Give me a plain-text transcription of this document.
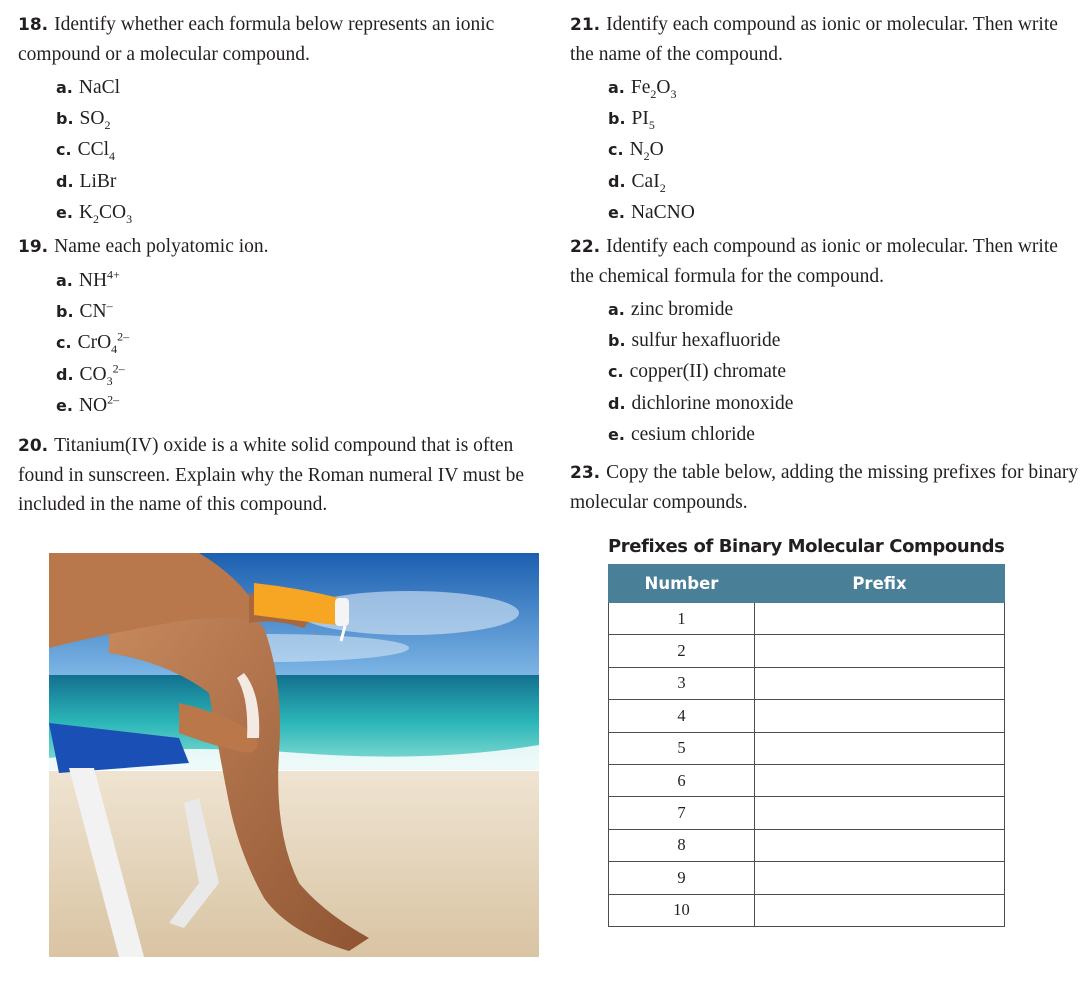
18. Identify whether each formula below represents an ionic compound or a molecular compound.

a. NaCl
b. $SO_2$
c. CCl$_4$
d. LiBr
e. $K_2CO_3$

19. Name each polyatomic ion.

a. $NH^{4+}$
b. CN–
c. CrO$_4^{2-}$
d. $CO_3^{2-}$
e. $NO^{2-}$

20. Titanium(IV) oxide is a white solid compound that is often found in sunscreen. Explain why the Roman numeral IV must be included in the name of this compound.

21. Identify each compound as ionic or molecular. Then write the name of the compound.

a. $Fe_2O_3$
b. $PI_5$
c. $N_2O$
d. CaI$_2$
e. NaCNO

22. Identify each compound as ionic or molecular. Then write the chemical formula for the compound.

a. zinc bromide
b. sulfur hexafluoride
c. copper(II) chromate
d. dichlorine monoxide
e. cesium chloride

23. Copy the table below, adding the missing prefixes for binary molecular compounds.

Prefixes of Binary Molecular Compounds

Number	Prefix
1	
2	
3	
4	
5	
6	
7	
8	
9	
10	
